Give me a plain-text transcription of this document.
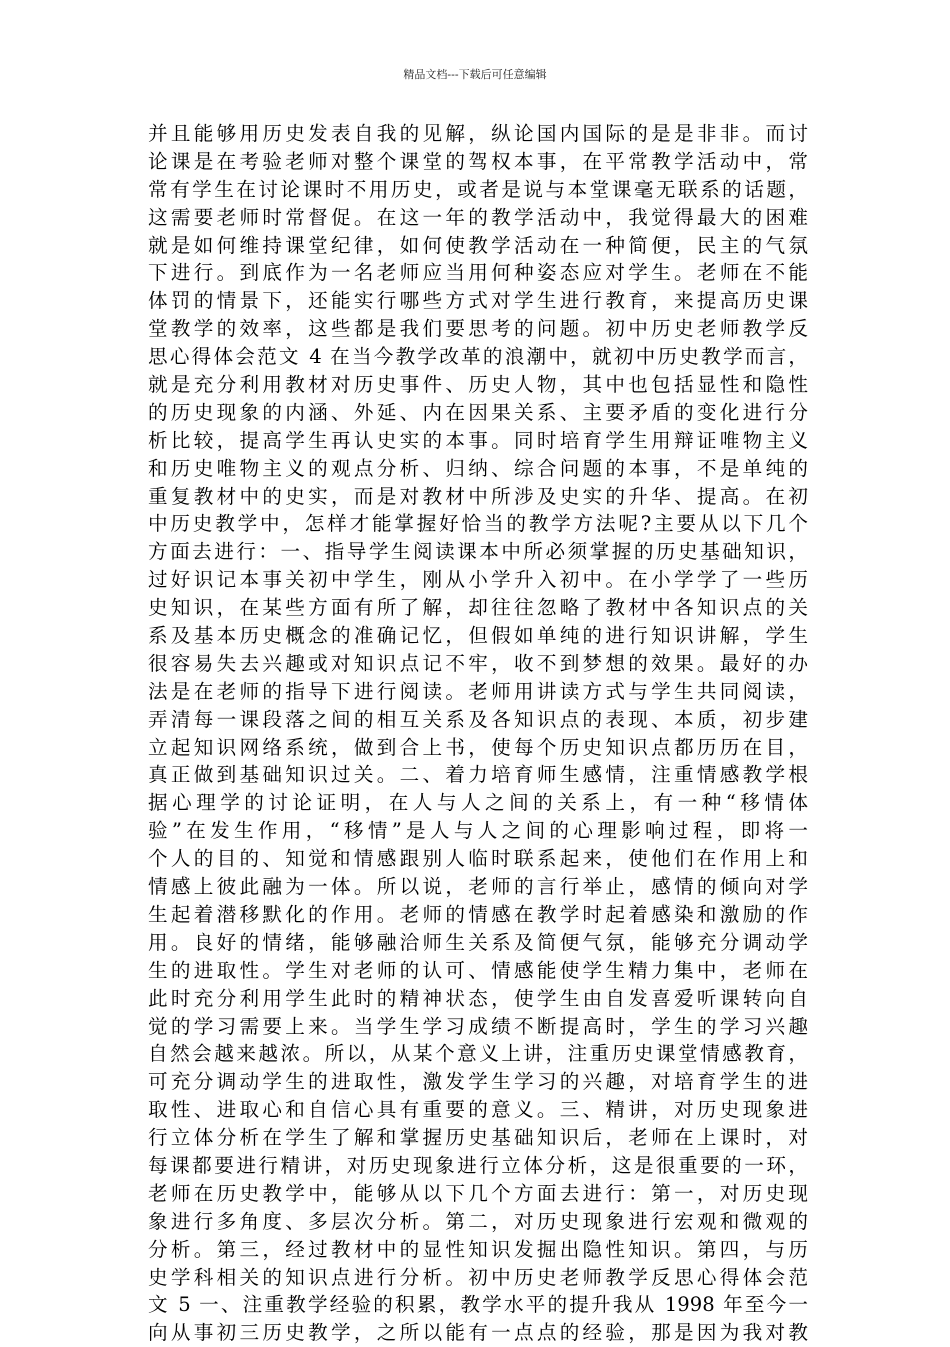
精品文档---下载后可任意编辑
并且能够用历史发表自我的见解，纵论国内国际的是是非非。而讨
论课是在考验老师对整个课堂的驾权本事，在平常教学活动中，常
常有学生在讨论课时不用历史，或者是说与本堂课毫无联系的话题，
这需要老师时常督促。在这一年的教学活动中，我觉得最大的困难
就是如何维持课堂纪律，如何使教学活动在一种简便，民主的气氛
下进行。到底作为一名老师应当用何种姿态应对学生。老师在不能
体罚的情景下，还能实行哪些方式对学生进行教育，来提高历史课
堂教学的效率，这些都是我们要思考的问题。初中历史老师教学反
思心得体会范文 4 在当今教学改革的浪潮中，就初中历史教学而言，
就是充分利用教材对历史事件、历史人物，其中也包括显性和隐性
的历史现象的内涵、外延、内在因果关系、主要矛盾的变化进行分
析比较，提高学生再认史实的本事。同时培育学生用辩证唯物主义
和历史唯物主义的观点分析、归纳、综合问题的本事，不是单纯的
重复教材中的史实，而是对教材中所涉及史实的升华、提高。在初
中历史教学中，怎样才能掌握好恰当的教学方法呢?主要从以下几个
方面去进行：一、指导学生阅读课本中所必须掌握的历史基础知识，
过好识记本事关初中学生，刚从小学升入初中。在小学学了一些历
史知识，在某些方面有所了解，却往往忽略了教材中各知识点的关
系及基本历史概念的准确记忆，但假如单纯的进行知识讲解，学生
很容易失去兴趣或对知识点记不牢，收不到梦想的效果。最好的办
法是在老师的指导下进行阅读。老师用讲读方式与学生共同阅读，
弄清每一课段落之间的相互关系及各知识点的表现、本质，初步建
立起知识网络系统，做到合上书，使每个历史知识点都历历在目，
真正做到基础知识过关。二、着力培育师生感情，注重情感教学根
据心理学的讨论证明，在人与人之间的关系上，有一种“移情体
验”在发生作用，“移情”是人与人之间的心理影响过程，即将一
个人的目的、知觉和情感跟别人临时联系起来，使他们在作用上和
情感上彼此融为一体。所以说，老师的言行举止，感情的倾向对学
生起着潜移默化的作用。老师的情感在教学时起着感染和激励的作
用。良好的情绪，能够融洽师生关系及简便气氛，能够充分调动学
生的进取性。学生对老师的认可、情感能使学生精力集中，老师在
此时充分利用学生此时的精神状态，使学生由自发喜爱听课转向自
觉的学习需要上来。当学生学习成绩不断提高时，学生的学习兴趣
自然会越来越浓。所以，从某个意义上讲，注重历史课堂情感教育，
可充分调动学生的进取性，激发学生学习的兴趣，对培育学生的进
取性、进取心和自信心具有重要的意义。三、精讲，对历史现象进
行立体分析在学生了解和掌握历史基础知识后，老师在上课时，对
每课都要进行精讲，对历史现象进行立体分析，这是很重要的一环，
老师在历史教学中，能够从以下几个方面去进行：第一，对历史现
象进行多角度、多层次分析。第二，对历史现象进行宏观和微观的
分析。第三，经过教材中的显性知识发掘出隐性知识。第四，与历
史学科相关的知识点进行分析。初中历史老师教学反思心得体会范
文 5 一、注重教学经验的积累，教学水平的提升我从 1998 年至今一
向从事初三历史教学，之所以能有一点点的经验，那是因为我对教
